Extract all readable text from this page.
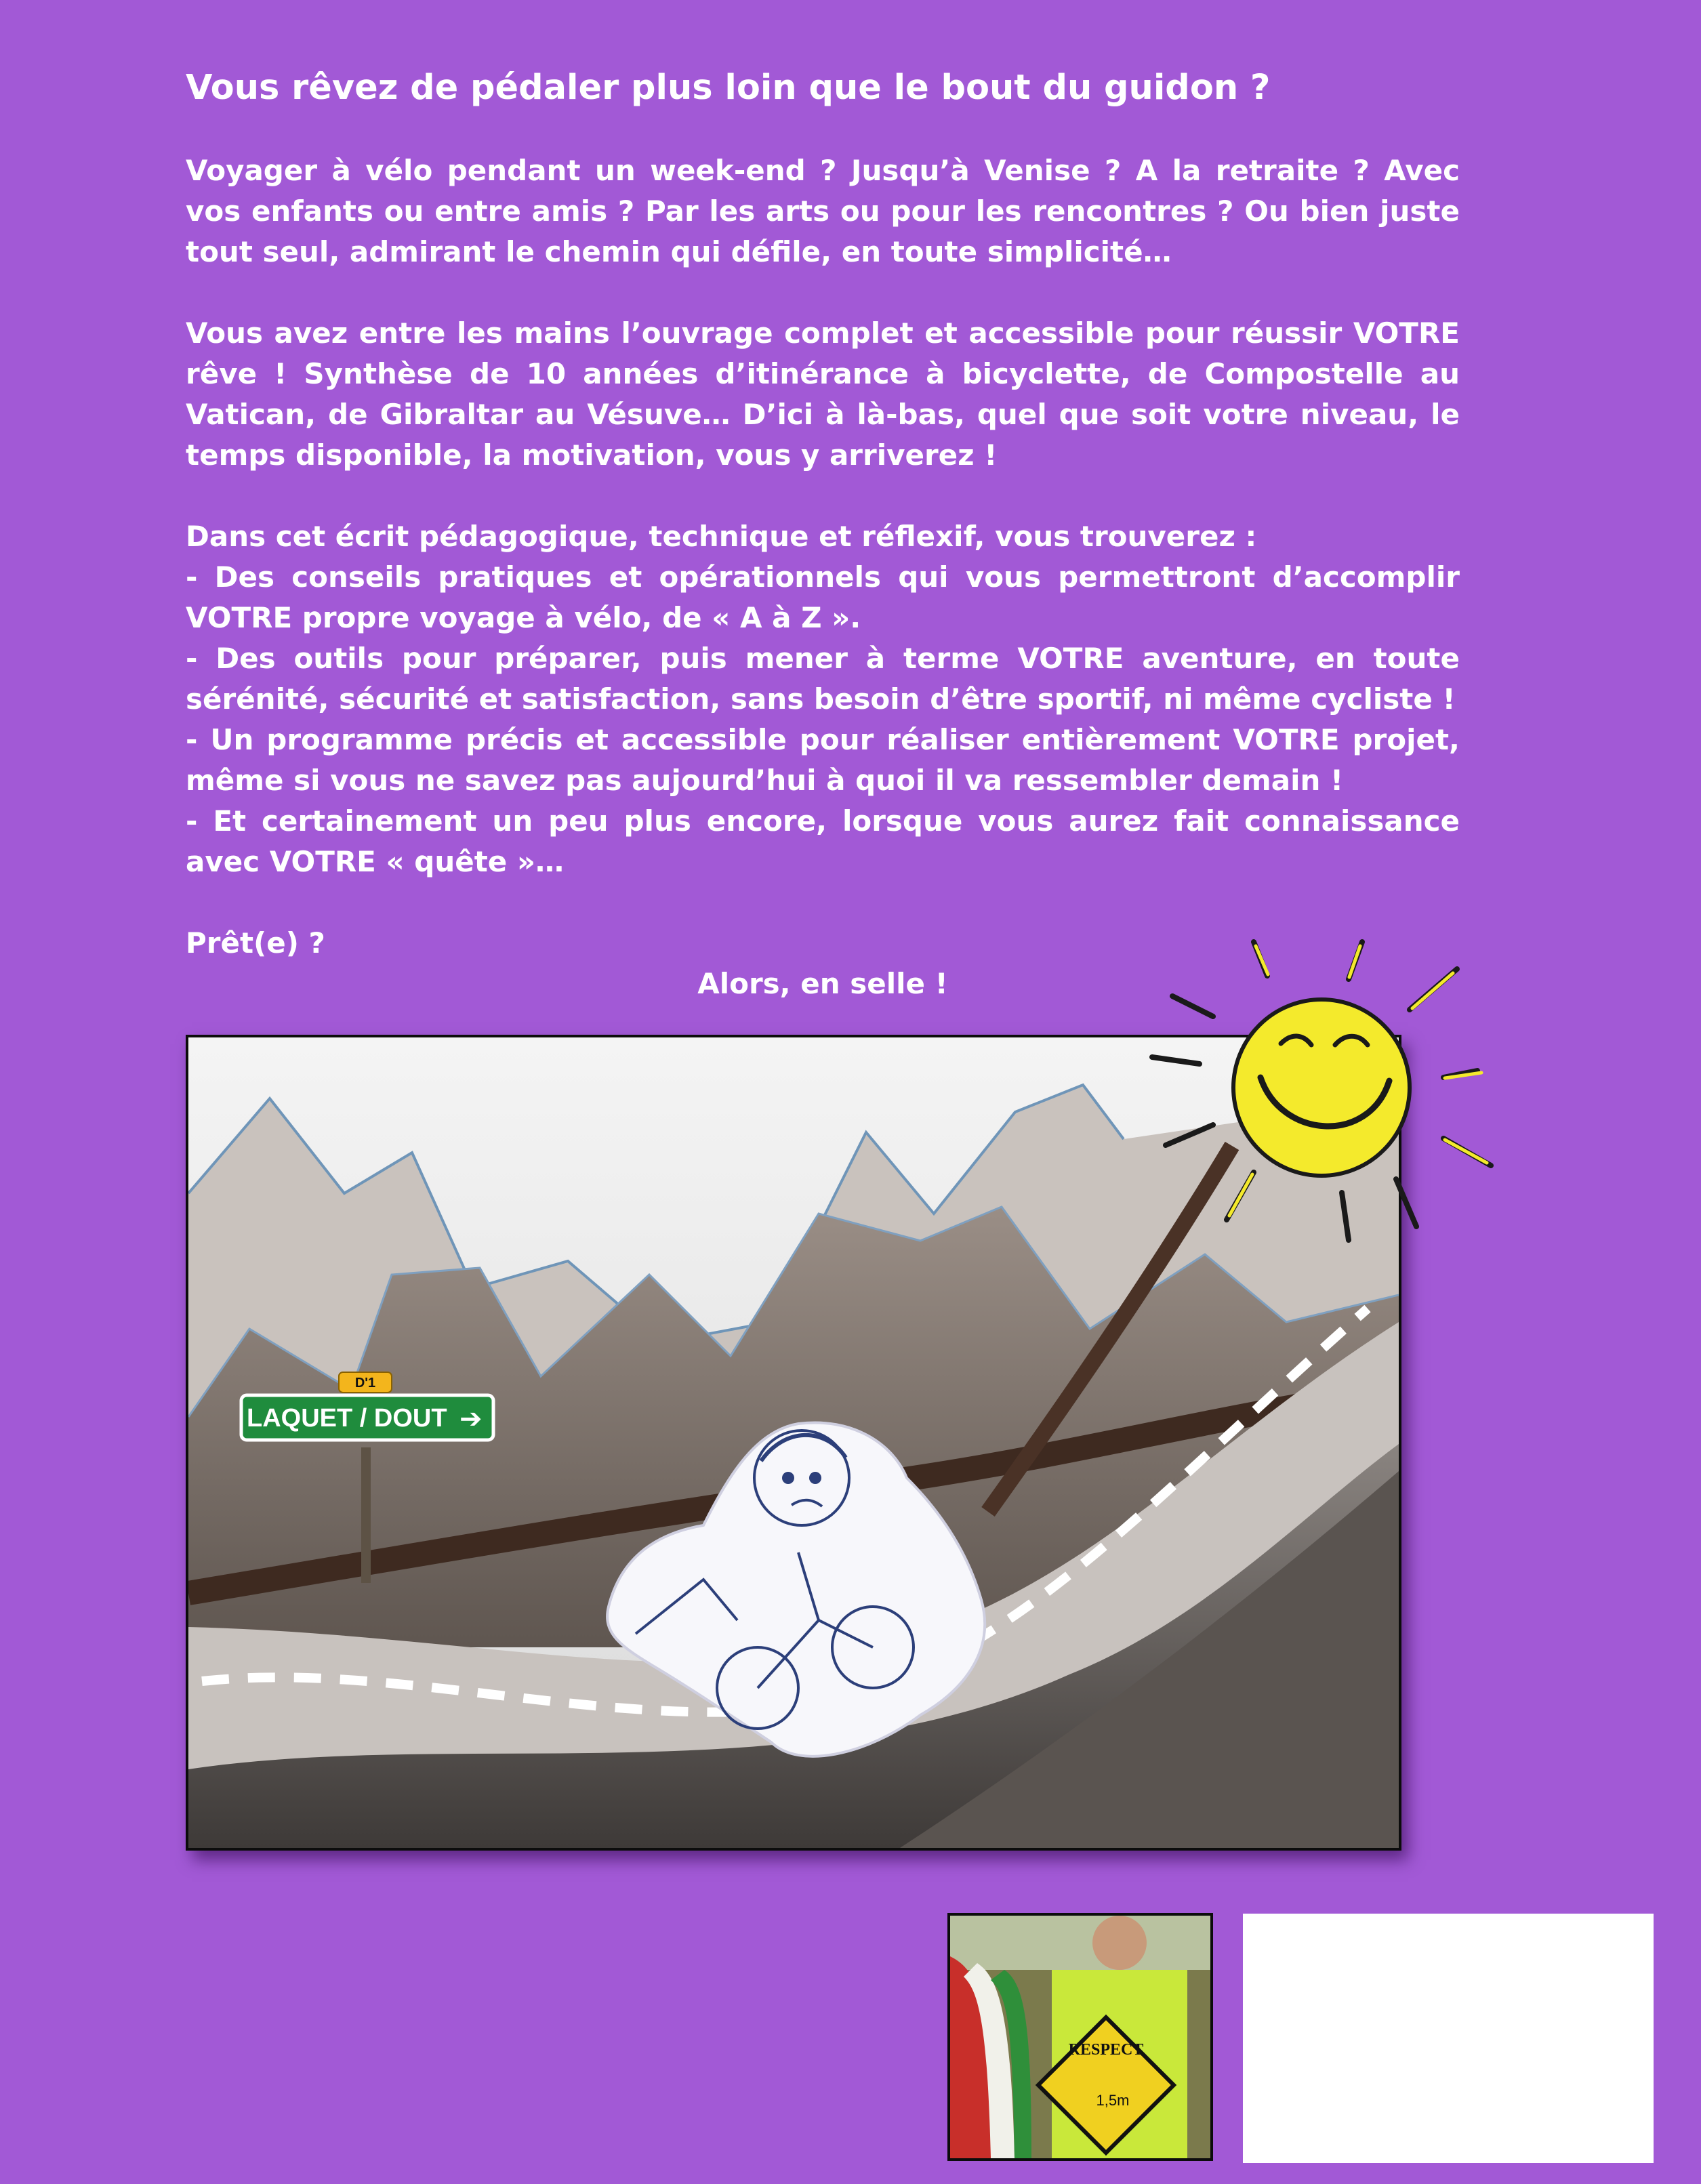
Vous rêvez de pédaler plus loin que le bout du guidon ?

Voyager à vélo pendant un week-end ? Jusqu’à Venise ? A la retraite ? Avec vos enfants ou entre amis ? Par les arts ou pour les rencontres ? Ou bien juste tout seul, admirant le chemin qui défile, en toute simplicité…

Vous avez entre les mains l’ouvrage complet et accessible pour réussir VOTRE rêve ! Synthèse de 10 années d’itinérance à bicyclette, de Compostelle au Vatican, de Gibraltar au Vésuve… D’ici à là-bas, quel que soit votre niveau, le temps disponible, la motivation, vous y arriverez !

Dans cet écrit pédagogique, technique et réflexif, vous trouverez :

- Des conseils pratiques et opérationnels qui vous permettront d’accomplir VOTRE propre voyage à vélo, de « A à Z ».

- Des outils pour préparer, puis mener à terme VOTRE aventure, en toute sérénité, sécurité et satisfaction, sans besoin d’être sportif, ni même cycliste !

- Un programme précis et accessible pour réaliser entièrement VOTRE projet, même si vous ne savez pas aujourd’hui à quoi il va ressembler demain !

- Et certainement un peu plus encore, lorsque vous aurez fait connaissance avec VOTRE « quête »…

Prêt(e) ?

Alors, en selle !

D'1
LAQUET / DOUT ➔
RESPECT
1,5m
